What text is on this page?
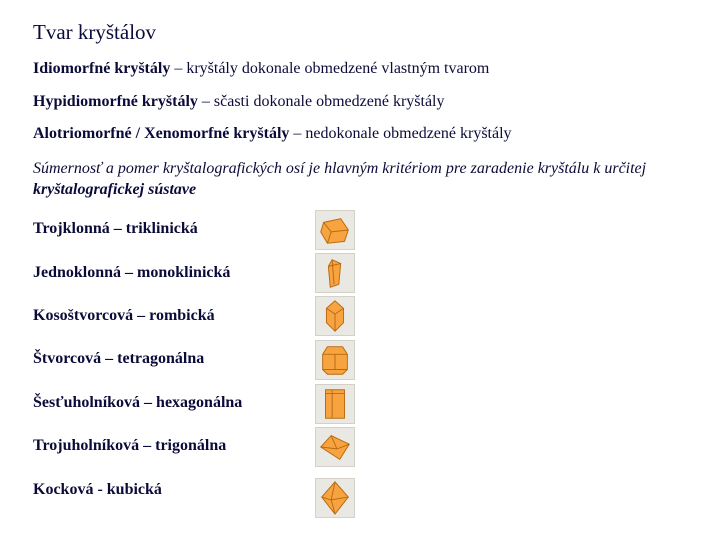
Tvar kryštálov
Idiomorfné kryštály – kryštály dokonale obmedzené vlastným tvarom
Hypidiomorfné kryštály – sčasti dokonale obmedzené kryštály
Alotriomorfné / Xenomorfné kryštály – nedokonale obmedzené kryštály
Súmernosť a pomer kryštalografických osí je hlavným kritériom pre zaradenie kryštálu k určitej kryštalografickej sústave
Trojklonná – triklinická
Jednoklonná – monoklinická
Kosoštvorcová – rombická
Štvorcová – tetragonálna
Šesťuholníková – hexagonálna
Trojuholníková – trigonálna
Kocková - kubická
